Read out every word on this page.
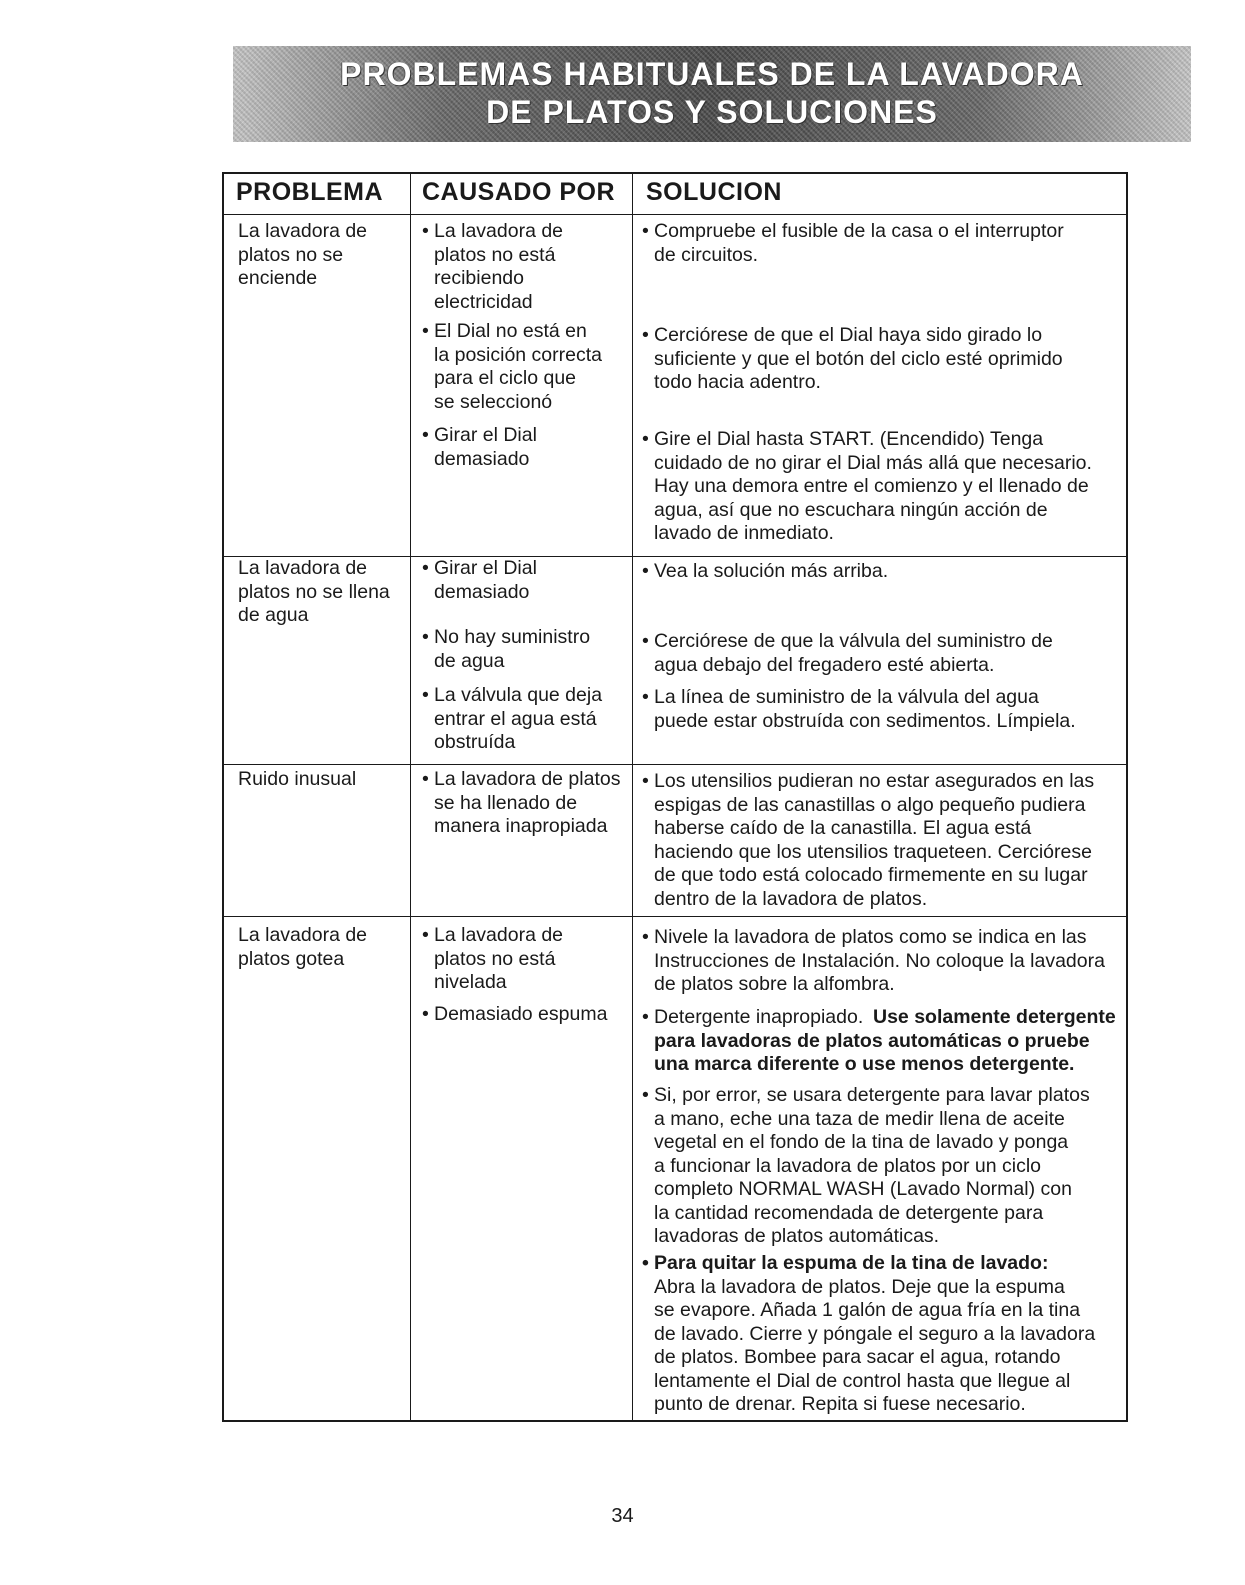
PROBLEMAS HABITUALES DE LA LAVADORA
DE PLATOS Y SOLUCIONES
PROBLEMA CAUSADO POR SOLUCION
La lavadora de
platos no se
enciende
• La lavadora de
platos no está
recibiendo
electricidad
• El Dial no está en
la posición correcta
para el ciclo que
se seleccionó
• Girar el Dial
demasiado
• Compruebe el fusible de la casa o el interruptor
de circuitos.
• Cerciórese de que el Dial haya sido girado lo
suficiente y que el botón del ciclo esté oprimido
todo hacia adentro.
• Gire el Dial hasta START. (Encendido) Tenga
cuidado de no girar el Dial más allá que necesario.
Hay una demora entre el comienzo y el llenado de
agua, así que no escuchara ningún acción de
lavado de inmediato.
La lavadora de
platos no se llena
de agua
• Girar el Dial
demasiado
• No hay suministro
de agua
• La válvula que deja
entrar el agua está
obstruída
• Vea la solución más arriba.
• Cerciórese de que la válvula del suministro de
agua debajo del fregadero esté abierta.
• La línea de suministro de la válvula del agua
puede estar obstruída con sedimentos. Límpiela.
Ruido inusual	• La lavadora de platos
se ha llenado de
manera inapropiada
• Los utensilios pudieran no estar asegurados en las
espigas de las canastillas o algo pequeño pudiera
haberse caído de la canastilla. El agua está
haciendo que los utensilios traqueteen. Cerciórese
de que todo está colocado firmemente en su lugar
dentro de la lavadora de platos.
La lavadora de
platos gotea
• La lavadora de
platos no está
nivelada
• Demasiado espuma
• Nivele la lavadora de platos como se indica en las
Instrucciones de Instalación. No coloque la lavadora
de platos sobre la alfombra.
• Detergente inapropiado. Use solamente detergente
para lavadoras de platos automáticas o pruebe
una marca diferente o use menos detergente.
• Si, por error, se usara detergente para lavar platos
a mano, eche una taza de medir llena de aceite
vegetal en el fondo de la tina de lavado y ponga
a funcionar la lavadora de platos por un ciclo
completo NORMAL WASH (Lavado Normal) con
la cantidad recomendada de detergente para
lavadoras de platos automáticas.
• Para quitar la espuma de la tina de lavado:
Abra la lavadora de platos. Deje que la espuma
se evapore. Añada 1 galón de agua fría en la tina
de lavado. Cierre y póngale el seguro a la lavadora
de platos. Bombee para sacar el agua, rotando
lentamente el Dial de control hasta que llegue al
punto de drenar. Repita si fuese necesario.
34
